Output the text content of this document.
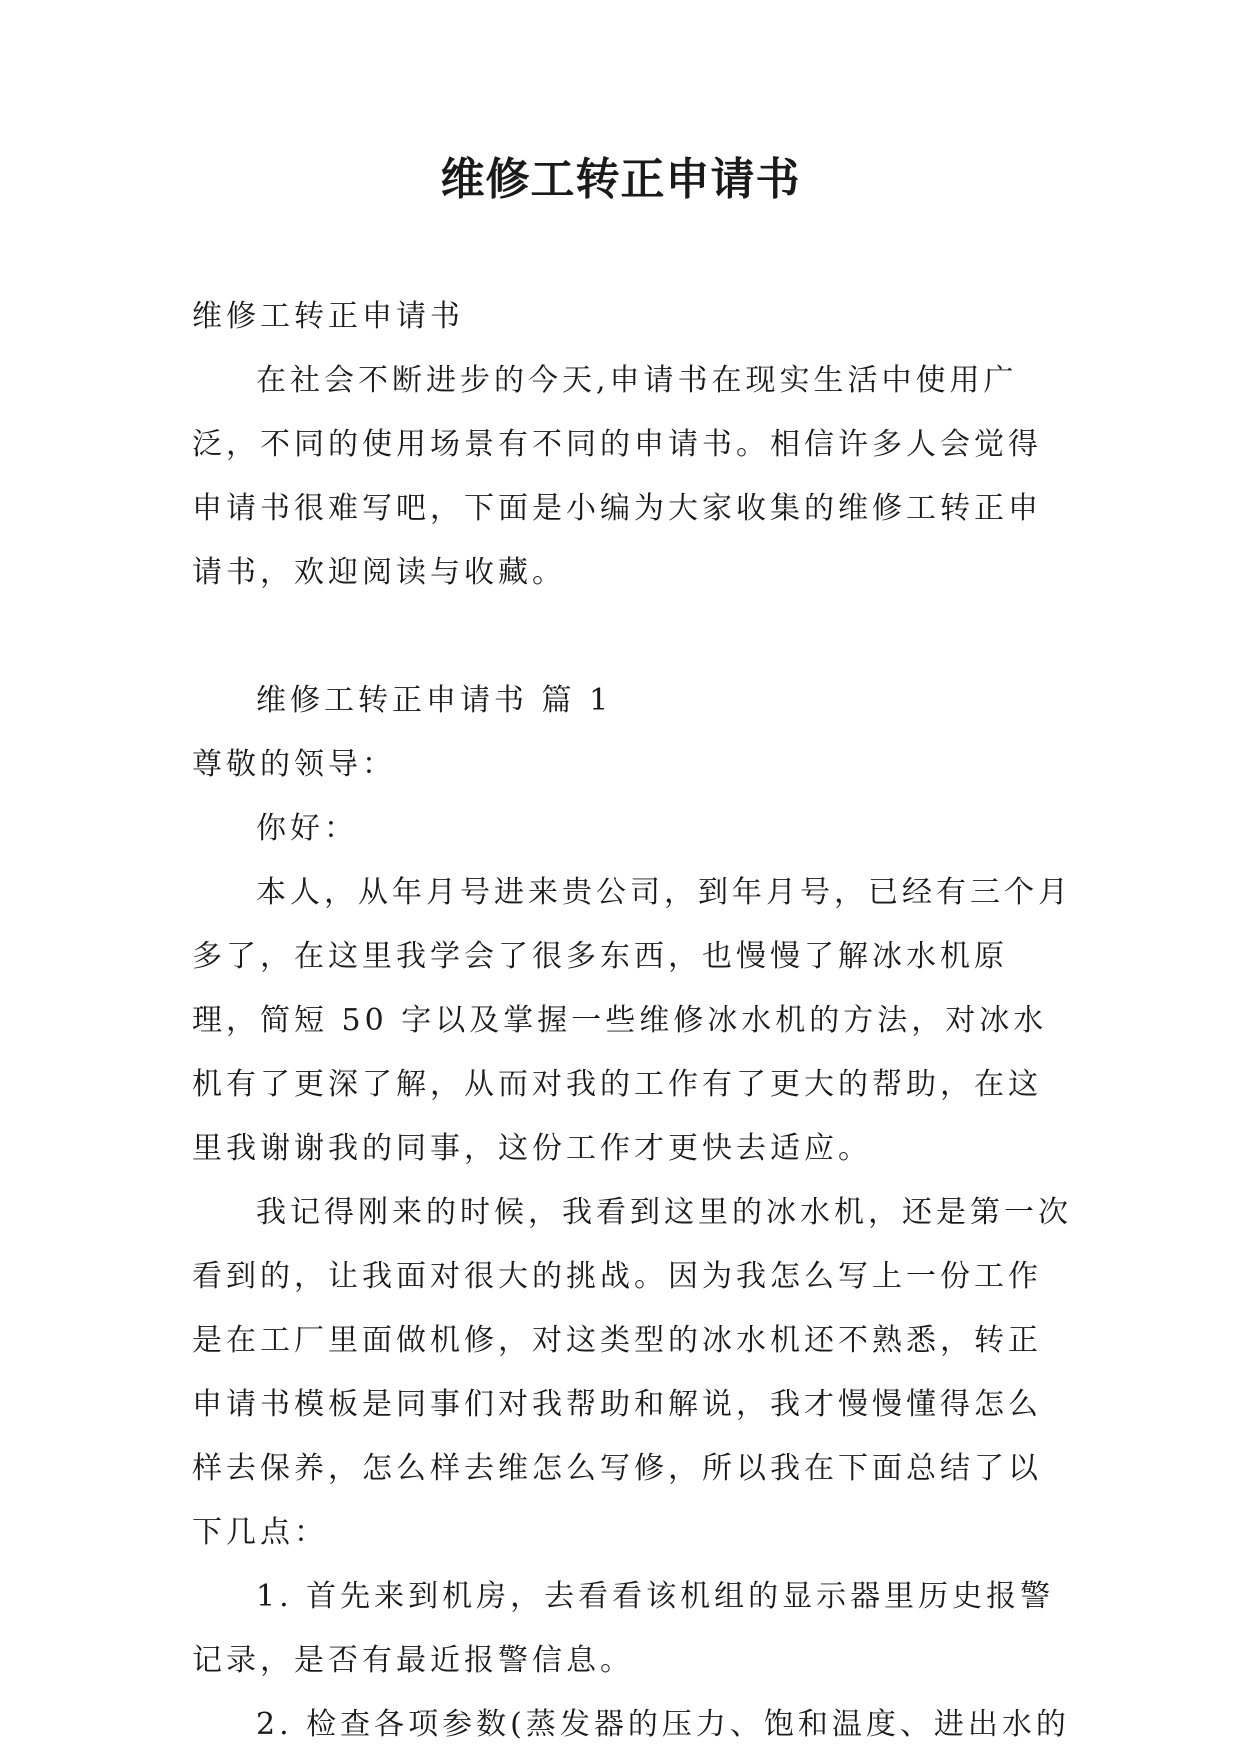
维修工转正申请书

维修工转正申请书

在社会不断进步的今天,申请书在现实生活中使用广泛，不同的使用场景有不同的申请书。相信许多人会觉得申请书很难写吧，下面是小编为大家收集的维修工转正申请书，欢迎阅读与收藏。

维修工转正申请书 篇 1

尊敬的领导：

你好：

本人，从年月号进来贵公司，到年月号，已经有三个月多了，在这里我学会了很多东西，也慢慢了解冰水机原理，简短 50 字以及掌握一些维修冰水机的方法，对冰水机有了更深了解，从而对我的工作有了更大的帮助，在这里我谢谢我的同事，这份工作才更快去适应。

我记得刚来的时候，我看到这里的冰水机，还是第一次看到的，让我面对很大的挑战。因为我怎么写上一份工作是在工厂里面做机修，对这类型的冰水机还不熟悉，转正申请书模板是同事们对我帮助和解说，我才慢慢懂得怎么样去保养，怎么样去维怎么写修，所以我在下面总结了以下几点：

1. 首先来到机房，去看看该机组的显示器里历史报警记录，是否有最近报警信息。

2. 检查各项参数(蒸发器的压力、饱和温度、进出水的
